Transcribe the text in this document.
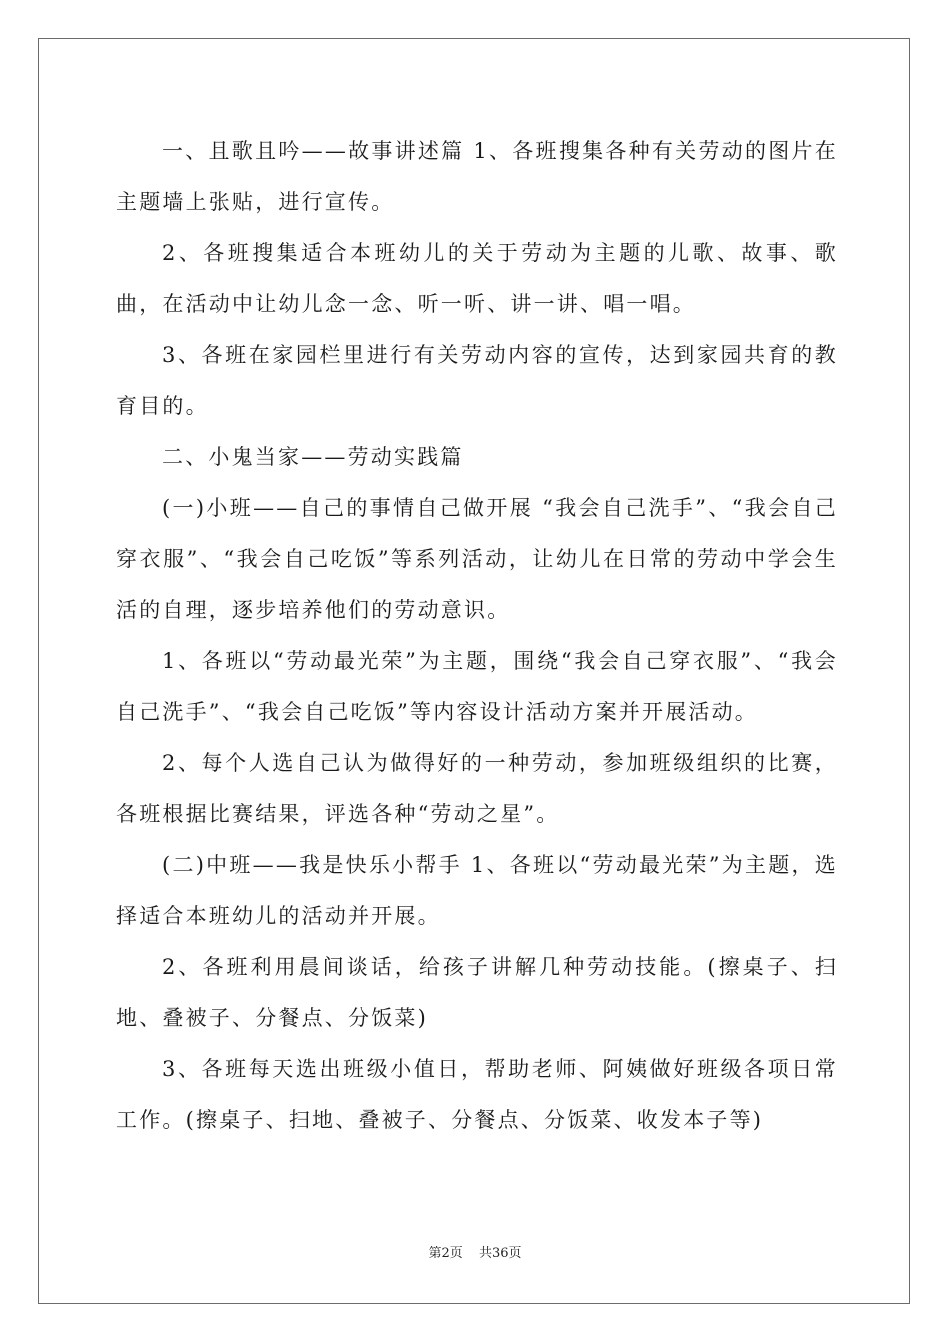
一、且歌且吟——故事讲述篇 1、各班搜集各种有关劳动的图片在主题墙上张贴，进行宣传。

2、各班搜集适合本班幼儿的关于劳动为主题的儿歌、故事、歌曲，在活动中让幼儿念一念、听一听、讲一讲、唱一唱。

3、各班在家园栏里进行有关劳动内容的宣传，达到家园共育的教育目的。

二、小鬼当家——劳动实践篇

(一)小班——自己的事情自己做开展 “我会自己洗手”、“我会自己穿衣服”、“我会自己吃饭”等系列活动，让幼儿在日常的劳动中学会生活的自理，逐步培养他们的劳动意识。

1、各班以“劳动最光荣”为主题，围绕“我会自己穿衣服”、“我会自己洗手”、“我会自己吃饭”等内容设计活动方案并开展活动。

2、每个人选自己认为做得好的一种劳动，参加班级组织的比赛，各班根据比赛结果，评选各种“劳动之星”。

(二)中班——我是快乐小帮手 1、各班以“劳动最光荣”为主题，选择适合本班幼儿的活动并开展。

2、各班利用晨间谈话，给孩子讲解几种劳动技能。(擦桌子、扫地、叠被子、分餐点、分饭菜)

3、各班每天选出班级小值日，帮助老师、阿姨做好班级各项日常工作。(擦桌子、扫地、叠被子、分餐点、分饭菜、收发本子等)

第2页 共36页
